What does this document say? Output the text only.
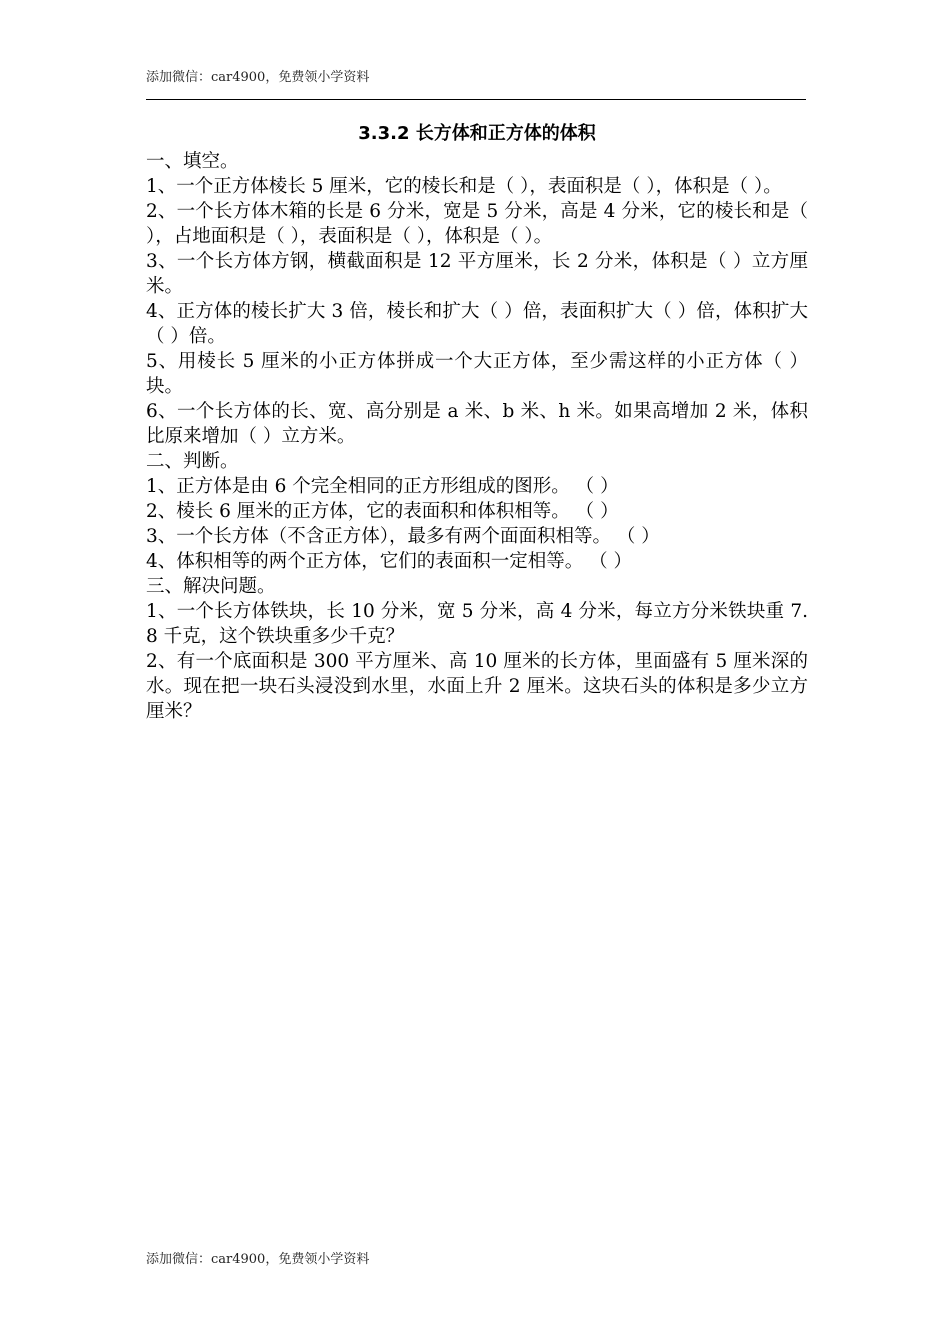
添加微信：car4900，免费领小学资料
3.3.2 长方体和正方体的体积

一、填空。

1、一个正方体棱长 5 厘米，它的棱长和是（ ），表面积是（ ），体积是（ ）。

2、一个长方体木箱的长是 6 分米，宽是 5 分米，高是 4 分米，它的棱长和是（ ），占地面积是（ ），表面积是（ ），体积是（ ）。

3、一个长方体方钢，横截面积是 12 平方厘米，长 2 分米，体积是（ ）立方厘米。

4、正方体的棱长扩大 3 倍，棱长和扩大（ ）倍，表面积扩大（ ）倍，体积扩大（ ）倍。

5、用棱长 5 厘米的小正方体拼成一个大正方体，至少需这样的小正方体（ ）块。

6、一个长方体的长、宽、高分别是 a 米、b 米、h 米。如果高增加 2 米，体积比原来增加（ ）立方米。

二、判断。

1、正方体是由 6 个完全相同的正方形组成的图形。 （ ）

2、棱长 6 厘米的正方体，它的表面积和体积相等。 （ ）

3、一个长方体（不含正方体），最多有两个面面积相等。 （ ）

4、体积相等的两个正方体，它们的表面积一定相等。 （ ）

三、解决问题。

1、一个长方体铁块，长 10 分米，宽 5 分米，高 4 分米，每立方分米铁块重 7.8 千克，这个铁块重多少千克？

2、有一个底面积是 300 平方厘米、高 10 厘米的长方体，里面盛有 5 厘米深的水。现在把一块石头浸没到水里，水面上升 2 厘米。这块石头的体积是多少立方厘米？

添加微信：car4900，免费领小学资料
